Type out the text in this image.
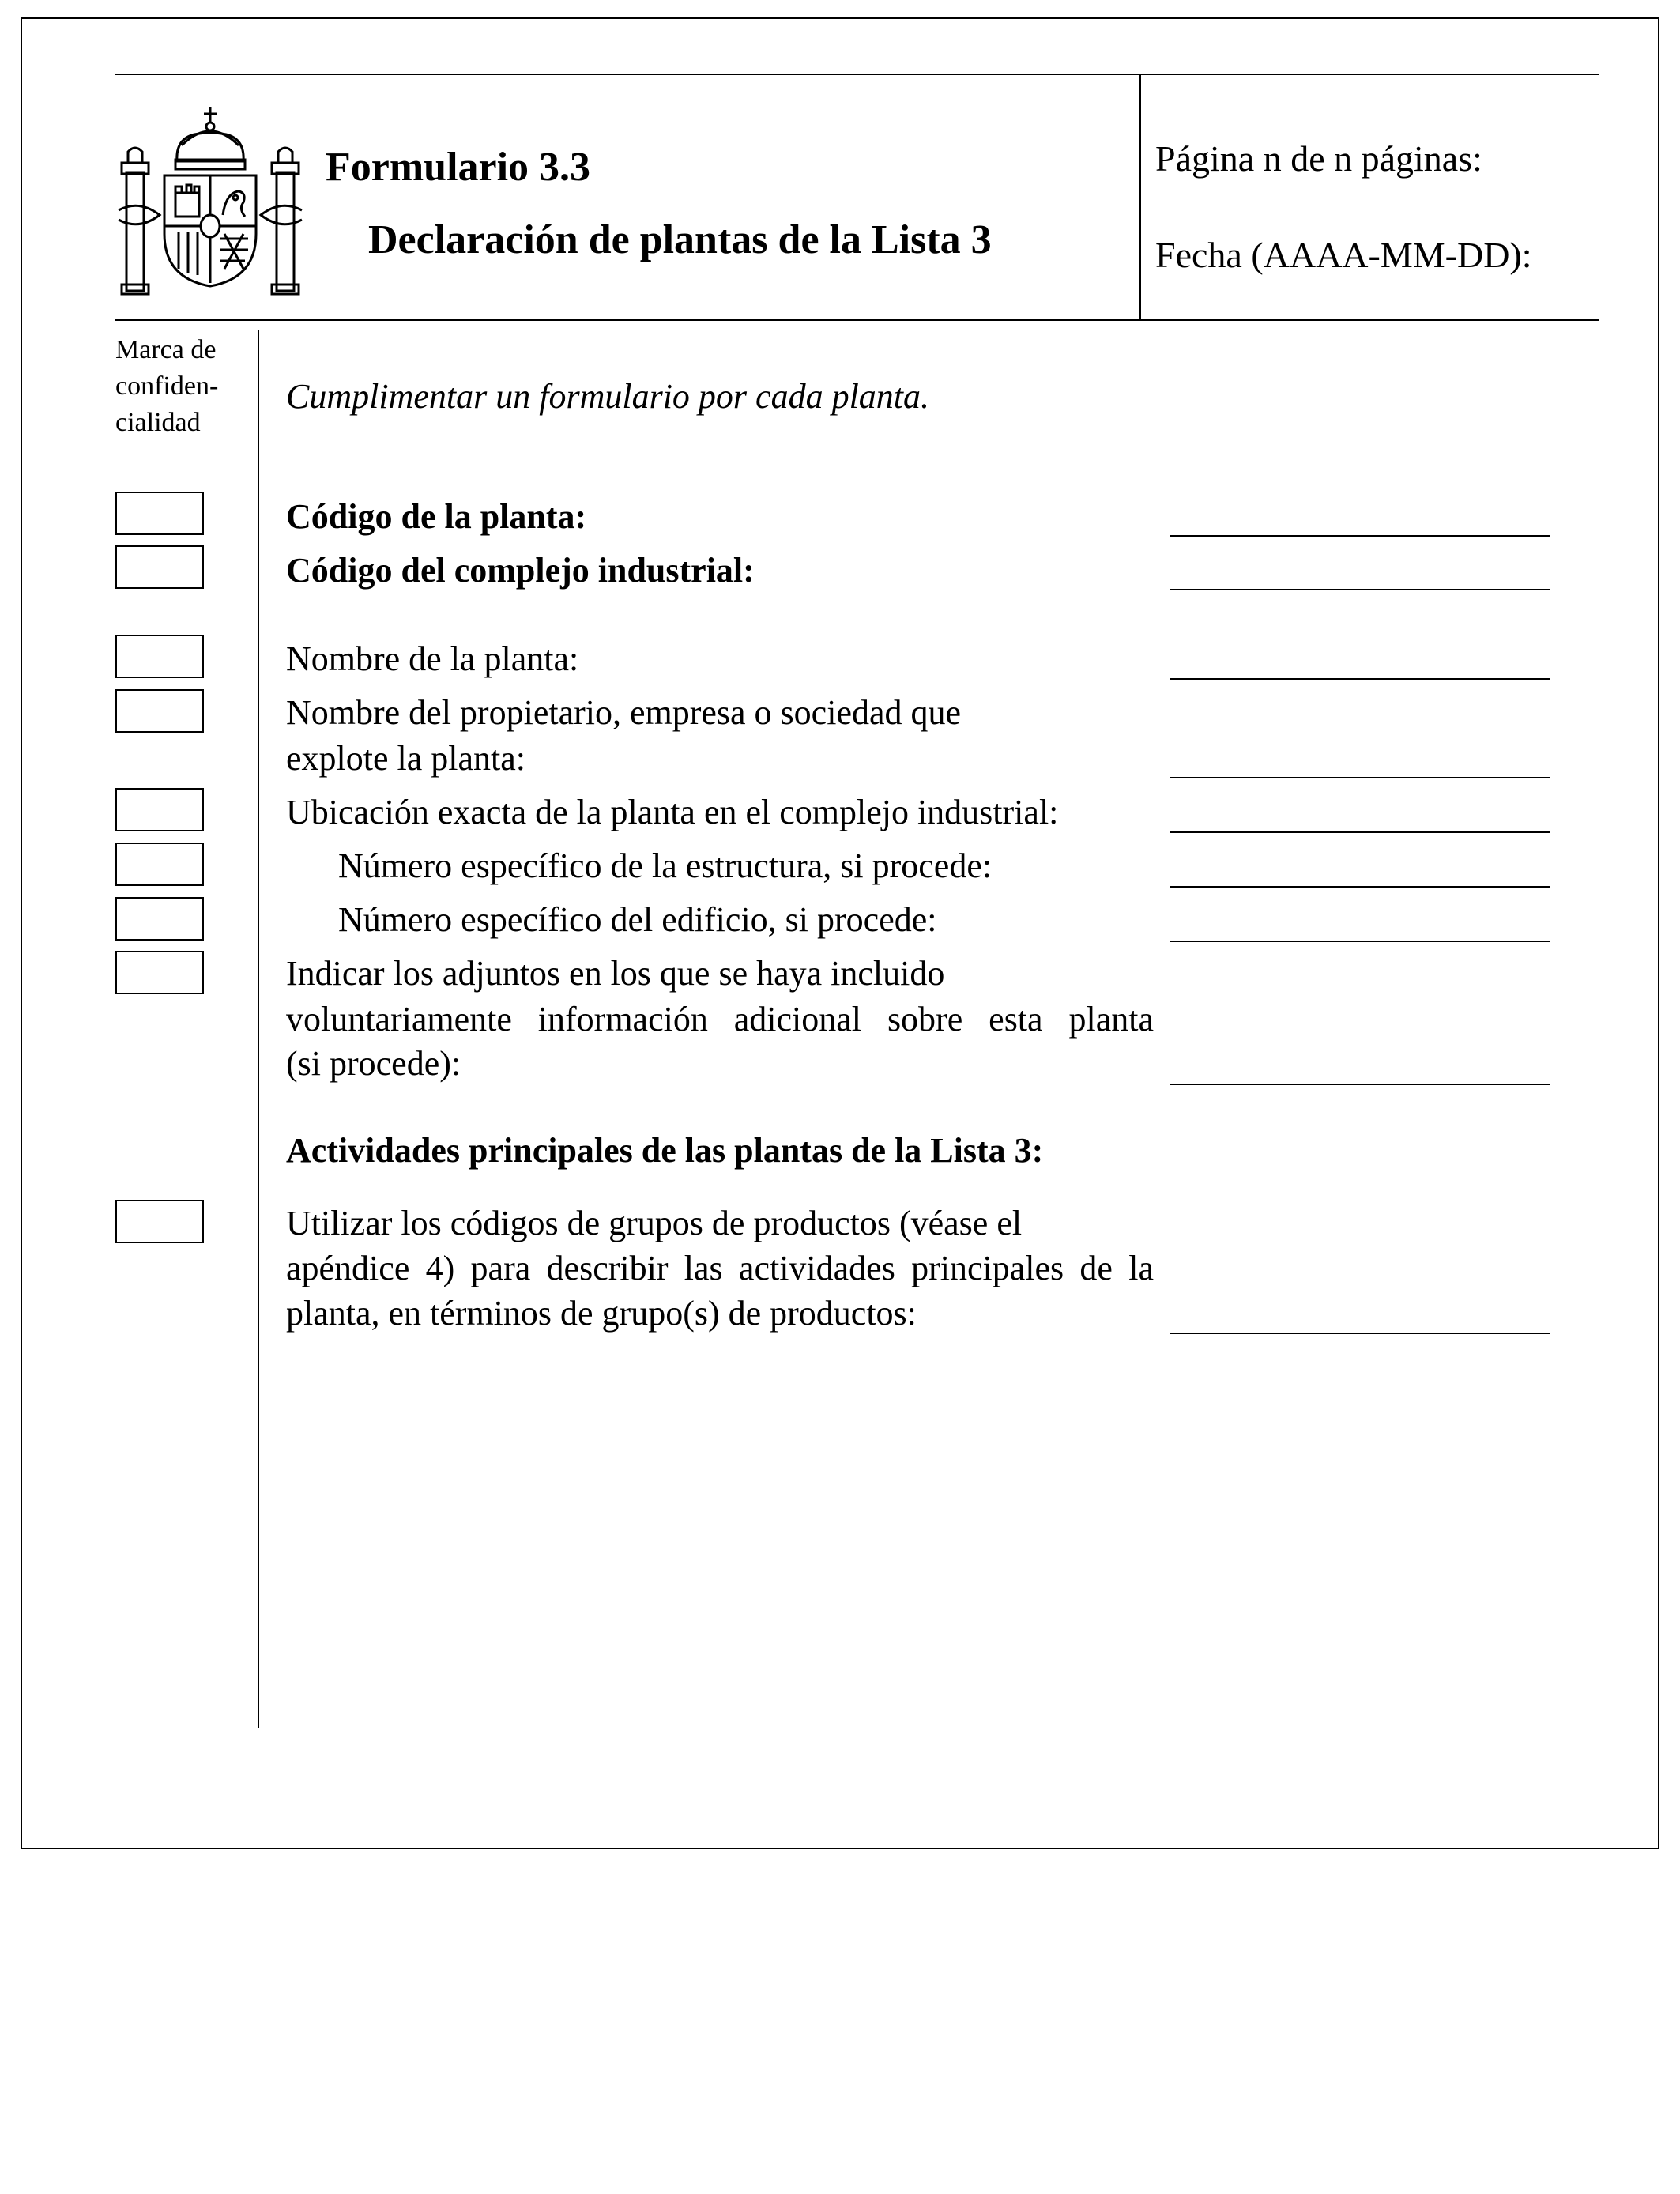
Formulario 3.3
Declaración de plantas de la Lista 3
Página n de n páginas:
Fecha (AAAA-MM-DD):
Marca de
confiden-
cialidad
Cumplimentar un formulario por cada planta.
Código de la planta:
Código del complejo industrial:
Nombre de la planta:
Nombre del propietario, empresa o sociedad que
explote la planta:
Ubicación exacta de la planta en el complejo industrial:
Número específico de la estructura, si procede:
Número específico del edificio, si procede:
Indicar los adjuntos en los que se haya incluido
voluntariamente información adicional sobre esta planta
(si procede):
Actividades principales de las plantas de la Lista 3:
Utilizar los códigos de grupos de productos (véase el
apéndice 4) para describir las actividades principales de la
planta, en términos de grupo(s) de productos:
